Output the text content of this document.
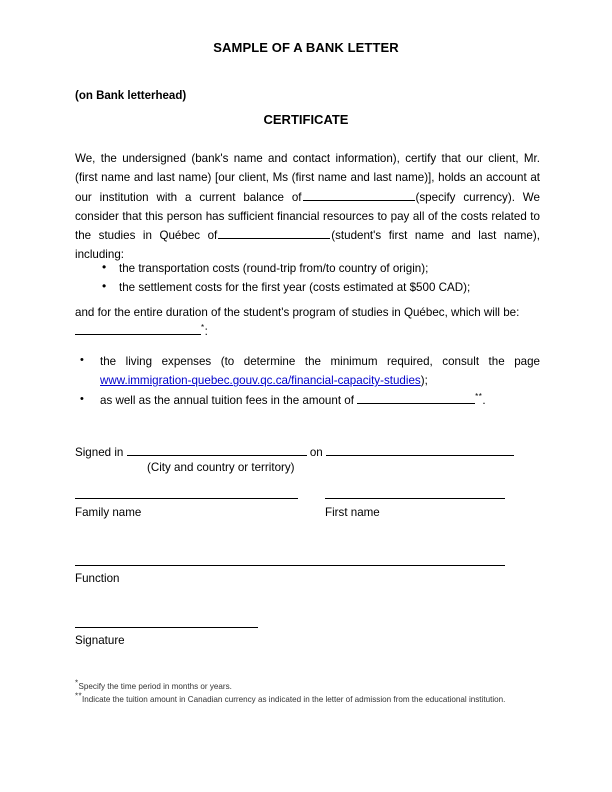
SAMPLE OF A BANK LETTER
(on Bank letterhead)
CERTIFICATE
We, the undersigned (bank's name and contact information), certify that our client, Mr. (first name and last name) [our client, Ms (first name and last name)], holds an account at our institution with a current balance of	(specify currency). We consider that this person has sufficient financial resources to pay all of the costs related to the studies in Québec of	(student's first name and last name), including:
• the transportation costs (round-trip from/to country of origin);
• the settlement costs for the first year (costs estimated at $500 CAD);
and for the entire duration of the student's program of studies in Québec, which will be:
*:
• the living expenses (to determine the minimum required, consult the page www.immigration-quebec.gouv.qc.ca/financial-capacity-studies);
• as well as the annual tuition fees in the amount of	**.
Signed in	on
(City and country or territory)
Family name	First name
Function
Signature
*Specify the time period in months or years.
**Indicate the tuition amount in Canadian currency as indicated in the letter of admission from the educational institution.
